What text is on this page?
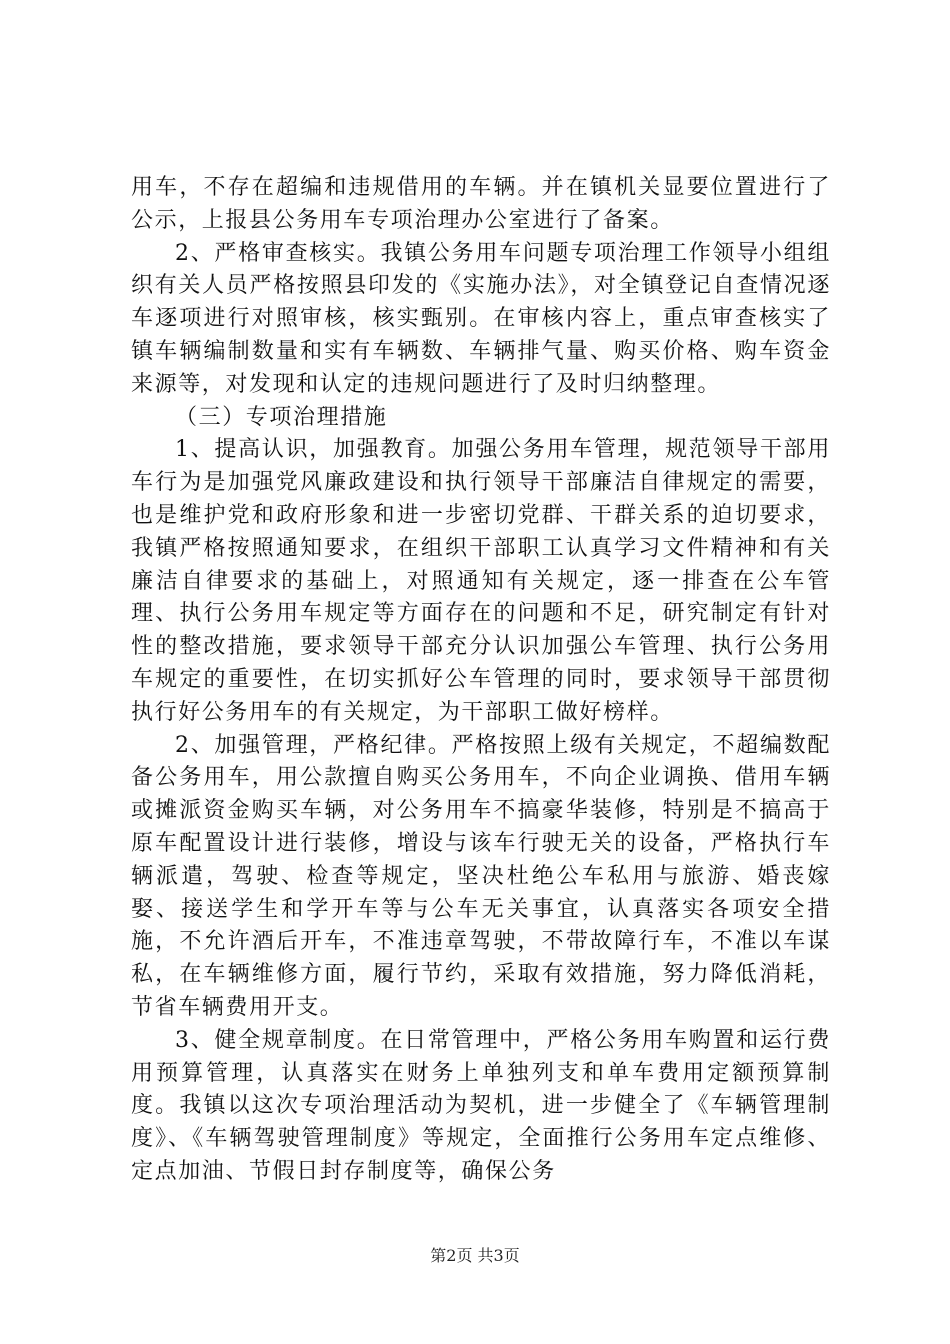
用车，不存在超编和违规借用的车辆。并在镇机关显要位置进行了公示，上报县公务用车专项治理办公室进行了备案。

2、严格审查核实。我镇公务用车问题专项治理工作领导小组组织有关人员严格按照县印发的《实施办法》，对全镇登记自查情况逐车逐项进行对照审核，核实甄别。在审核内容上，重点审查核实了镇车辆编制数量和实有车辆数、车辆排气量、购买价格、购车资金来源等，对发现和认定的违规问题进行了及时归纳整理。

（三）专项治理措施

1、提高认识，加强教育。加强公务用车管理，规范领导干部用车行为是加强党风廉政建设和执行领导干部廉洁自律规定的需要，也是维护党和政府形象和进一步密切党群、干群关系的迫切要求，我镇严格按照通知要求，在组织干部职工认真学习文件精神和有关廉洁自律要求的基础上，对照通知有关规定，逐一排查在公车管理、执行公务用车规定等方面存在的问题和不足，研究制定有针对性的整改措施，要求领导干部充分认识加强公车管理、执行公务用车规定的重要性，在切实抓好公车管理的同时，要求领导干部贯彻执行好公务用车的有关规定，为干部职工做好榜样。

2、加强管理，严格纪律。严格按照上级有关规定，不超编数配备公务用车，用公款擅自购买公务用车，不向企业调换、借用车辆或摊派资金购买车辆，对公务用车不搞豪华装修，特别是不搞高于原车配置设计进行装修，增设与该车行驶无关的设备，严格执行车辆派遣，驾驶、检查等规定，坚决杜绝公车私用与旅游、婚丧嫁娶、接送学生和学开车等与公车无关事宜，认真落实各项安全措施，不允许酒后开车，不准违章驾驶，不带故障行车，不准以车谋私，在车辆维修方面，履行节约，采取有效措施，努力降低消耗，节省车辆费用开支。

3、健全规章制度。在日常管理中，严格公务用车购置和运行费用预算管理，认真落实在财务上单独列支和单车费用定额预算制度。我镇以这次专项治理活动为契机，进一步健全了《车辆管理制度》、《车辆驾驶管理制度》等规定，全面推行公务用车定点维修、定点加油、节假日封存制度等，确保公务

第2页 共3页
